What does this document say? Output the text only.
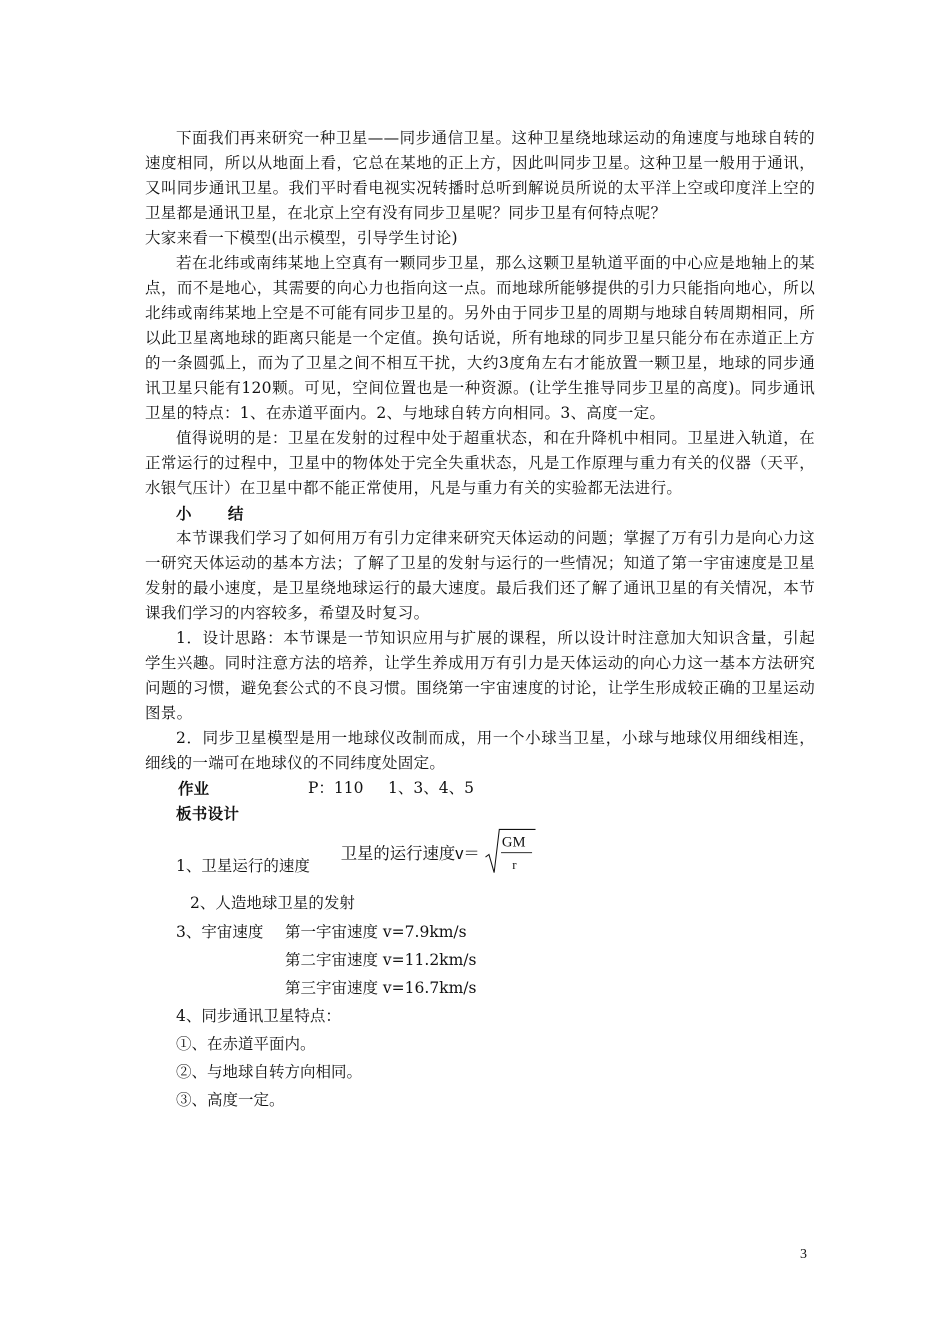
下面我们再来研究一种卫星——同步通信卫星。这种卫星绕地球运动的角速度与地球自转的速度相同，所以从地面上看，它总在某地的正上方，因此叫同步卫星。这种卫星一般用于通讯，又叫同步通讯卫星。我们平时看电视实况转播时总听到解说员所说的太平洋上空或印度洋上空的卫星都是通讯卫星，在北京上空有没有同步卫星呢？同步卫星有何特点呢？

大家来看一下模型(出示模型，引导学生讨论)

若在北纬或南纬某地上空真有一颗同步卫星，那么这颗卫星轨道平面的中心应是地轴上的某点，而不是地心，其需要的向心力也指向这一点。而地球所能够提供的引力只能指向地心，所以北纬或南纬某地上空是不可能有同步卫星的。另外由于同步卫星的周期与地球自转周期相同，所以此卫星离地球的距离只能是一个定值。换句话说，所有地球的同步卫星只能分布在赤道正上方的一条圆弧上，而为了卫星之间不相互干扰，大约3度角左右才能放置一颗卫星，地球的同步通讯卫星只能有120颗。可见，空间位置也是一种资源。(让学生推导同步卫星的高度)。同步通讯卫星的特点：1、在赤道平面内。2、与地球自转方向相同。3、高度一定。

值得说明的是：卫星在发射的过程中处于超重状态，和在升降机中相同。卫星进入轨道，在正常运行的过程中，卫星中的物体处于完全失重状态，凡是工作原理与重力有关的仪器（天平，水银气压计）在卫星中都不能正常使用，凡是与重力有关的实验都无法进行。

小 结

本节课我们学习了如何用万有引力定律来研究天体运动的问题；掌握了万有引力是向心力这一研究天体运动的基本方法；了解了卫星的发射与运行的一些情况；知道了第一宇宙速度是卫星发射的最小速度，是卫星绕地球运行的最大速度。最后我们还了解了通讯卫星的有关情况，本节课我们学习的内容较多，希望及时复习。

1．设计思路：本节课是一节知识应用与扩展的课程，所以设计时注意加大知识含量，引起学生兴趣。同时注意方法的培养，让学生养成用万有引力是天体运动的向心力这一基本方法研究问题的习惯，避免套公式的不良习惯。围绕第一宇宙速度的讨论，让学生形成较正确的卫星运动图景。

2．同步卫星模型是用一地球仪改制而成，用一个小球当卫星，小球与地球仪用细线相连，细线的一端可在地球仪的不同纬度处固定。

作业	P：110 1、3、4、5

板书设计

1、卫星运行的速度
卫星的运行速度v＝
GM
r

2、人造地球卫星的发射

3、宇宙速度 第一宇宙速度 v=7.9km/s
第二宇宙速度 v=11.2km/s
第三宇宙速度 v=16.7km/s

4、同步通讯卫星特点：

①、在赤道平面内。

②、与地球自转方向相同。

③、高度一定。

3
